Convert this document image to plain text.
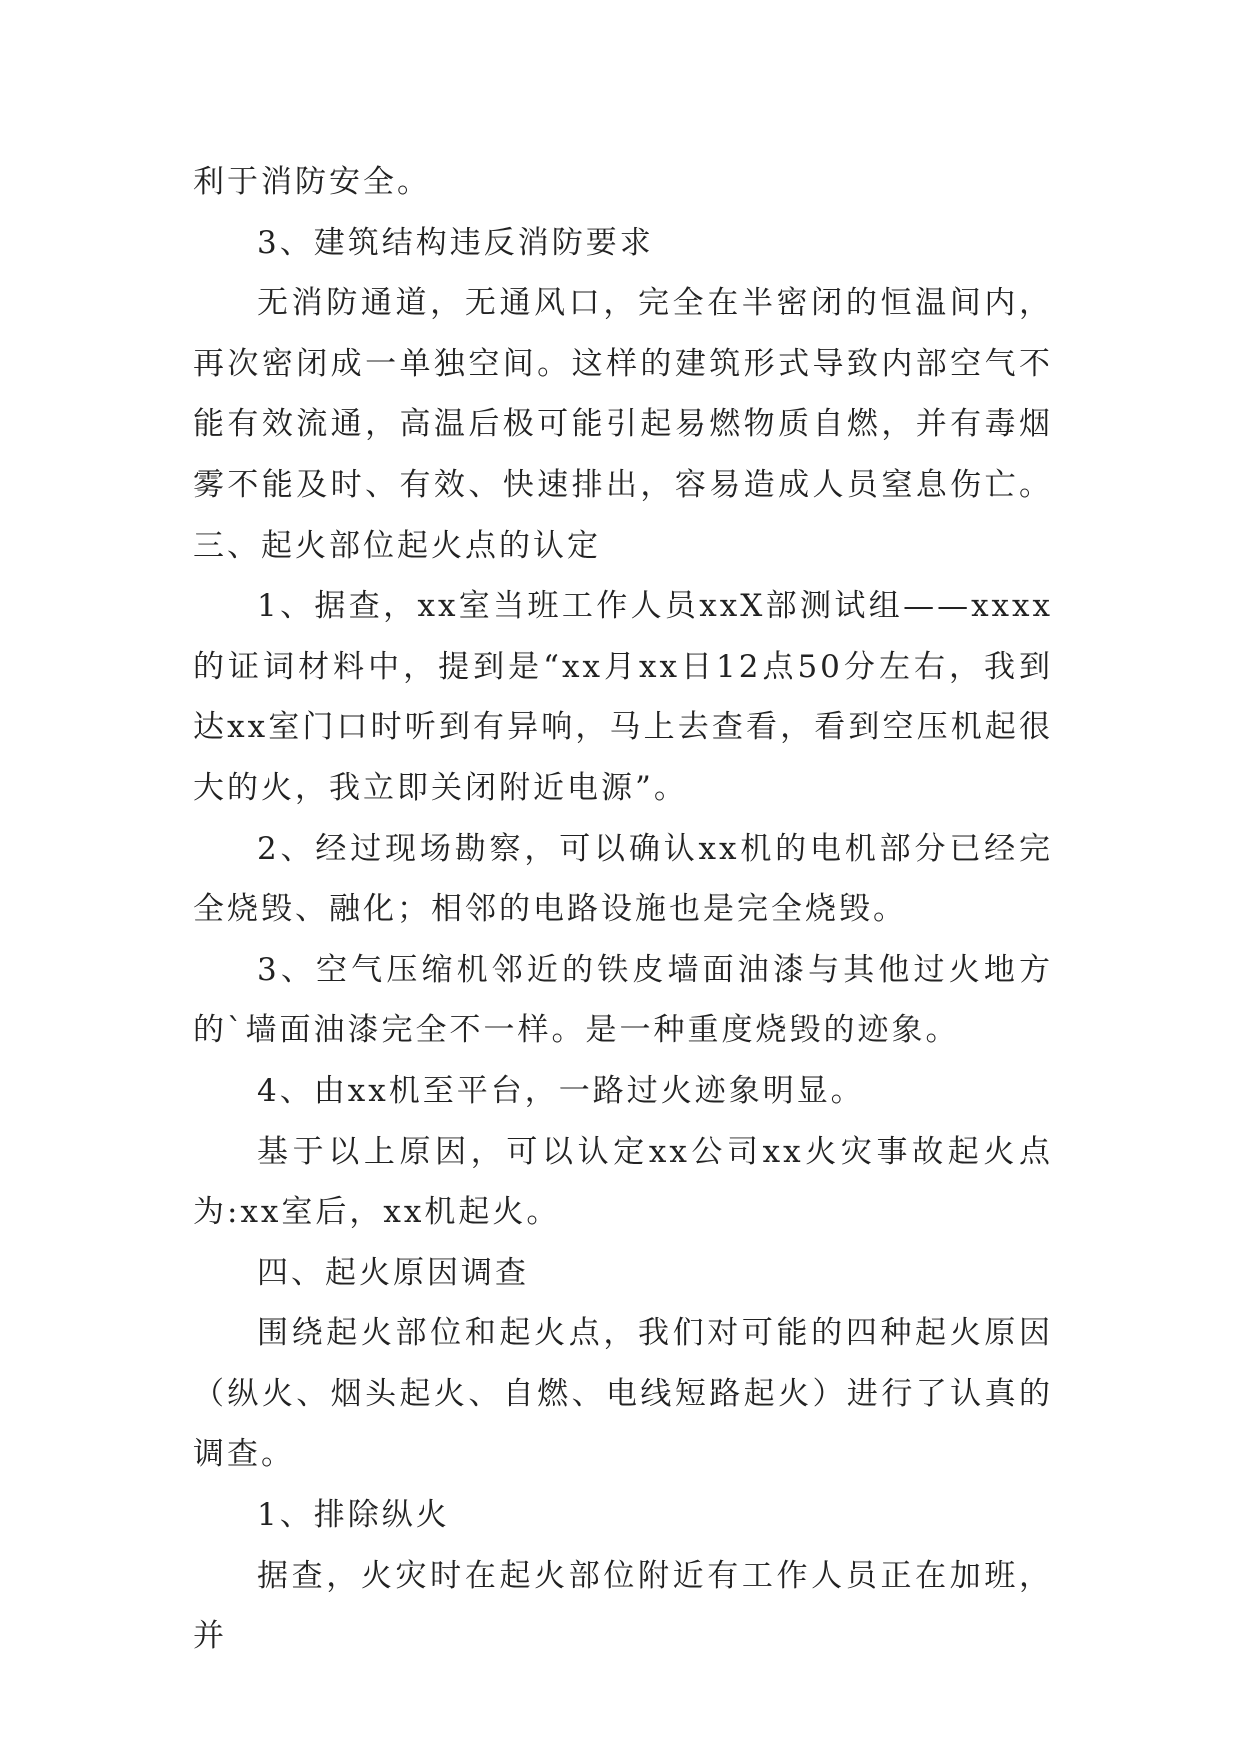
利于消防安全。

3、建筑结构违反消防要求

无消防通道，无通风口，完全在半密闭的恒温间内，再次密闭成一单独空间。这样的建筑形式导致内部空气不能有效流通，高温后极可能引起易燃物质自燃，并有毒烟雾不能及时、有效、快速排出，容易造成人员窒息伤亡。三、起火部位起火点的认定

1、据查，xx室当班工作人员xxX部测试组——xxxx的证词材料中，提到是“xx月xx日12点50分左右，我到达xx室门口时听到有异响，马上去查看，看到空压机起很大的火，我立即关闭附近电源”。

2、经过现场勘察，可以确认xx机的电机部分已经完全烧毁、融化；相邻的电路设施也是完全烧毁。

3、空气压缩机邻近的铁皮墙面油漆与其他过火地方的`墙面油漆完全不一样。是一种重度烧毁的迹象。

4、由xx机至平台，一路过火迹象明显。

基于以上原因，可以认定xx公司xx火灾事故起火点为:xx室后，xx机起火。

四、起火原因调查

围绕起火部位和起火点，我们对可能的四种起火原因（纵火、烟头起火、自燃、电线短路起火）进行了认真的调查。

1、排除纵火

据查，火灾时在起火部位附近有工作人员正在加班，并
